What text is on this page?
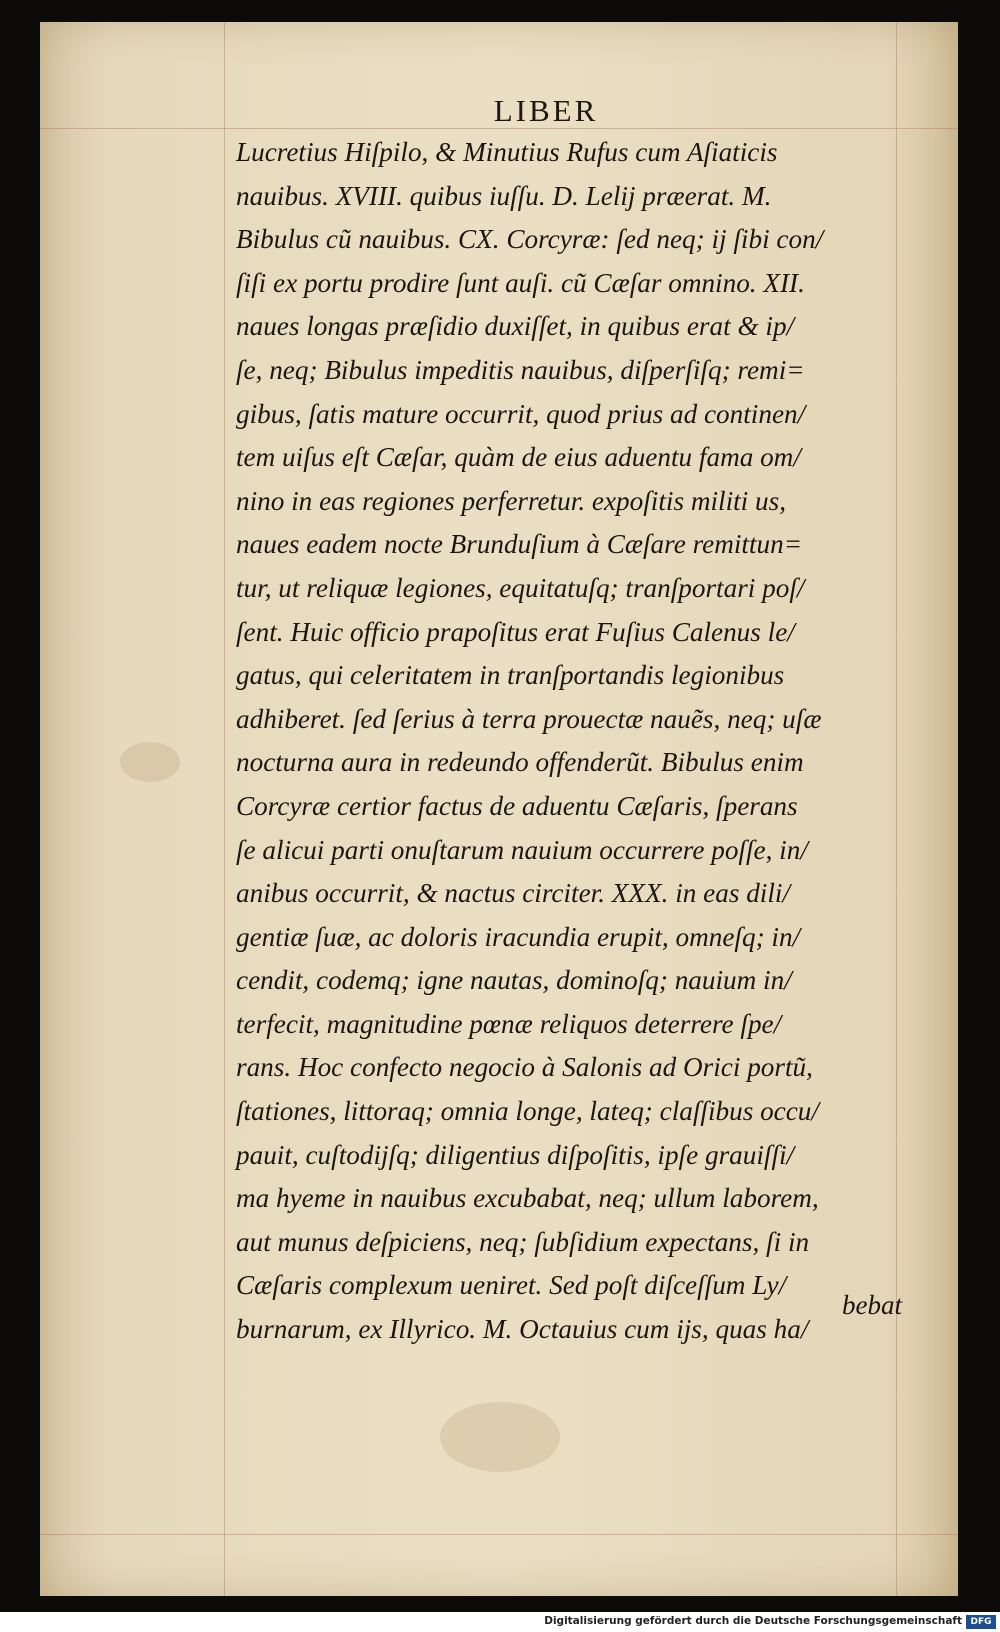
LIBER
Lucretius Hiſpilo, & Minutius Rufus cum Aſiaticis
nauibus. XVIII. quibus iuſſu. D. Lelij præerat. M.
Bibulus cũ nauibus. CX. Corcyræ: ſed neq; ij ſibi con/
ſiſi ex portu prodire ſunt auſi. cũ Cæſar omnino. XII.
naues longas præſidio duxiſſet, in quibus erat & ip/
ſe, neq; Bibulus impeditis nauibus, diſperſiſq; remi=
gibus, ſatis mature occurrit, quod prius ad continen/
tem uiſus eſt Cæſar, quàm de eius aduentu fama om/
nino in eas regiones perferretur. expoſitis militi us,
naues eadem nocte Brunduſium à Cæſare remittun=
tur, ut reliquæ legiones, equitatuſq; tranſportari poſ/
ſent. Huic officio prapoſitus erat Fuſius Calenus le/
gatus, qui celeritatem in tranſportandis legionibus
adhiberet. ſed ſerius à terra prouectæ nauẽs, neq; uſæ
nocturna aura in redeundo offenderũt. Bibulus enim
Corcyræ certior factus de aduentu Cæſaris, ſperans
ſe alicui parti onuſtarum nauium occurrere poſſe, in/
anibus occurrit, & nactus circiter. XXX. in eas dili/
gentiæ ſuæ, ac doloris iracundia erupit, omneſq; in/
cendit, codemq; igne nautas, dominoſq; nauium in/
terfecit, magnitudine pœnæ reliquos deterrere ſpe/
rans. Hoc confecto negocio à Salonis ad Orici portũ,
ſtationes, littoraq; omnia longe, lateq; claſſibus occu/
pauit, cuſtodijſq; diligentius diſpoſitis, ipſe grauiſſi/
ma hyeme in nauibus excubabat, neq; ullum laborem,
aut munus deſpiciens, neq; ſubſidium expectans, ſi in
Cæſaris complexum ueniret. Sed poſt diſceſſum Ly/
burnarum, ex Illyrico. M. Octauius cum ijs, quas ha/
bebat
Digitalisierung gefördert durch die Deutsche Forschungsgemeinschaft DFG
